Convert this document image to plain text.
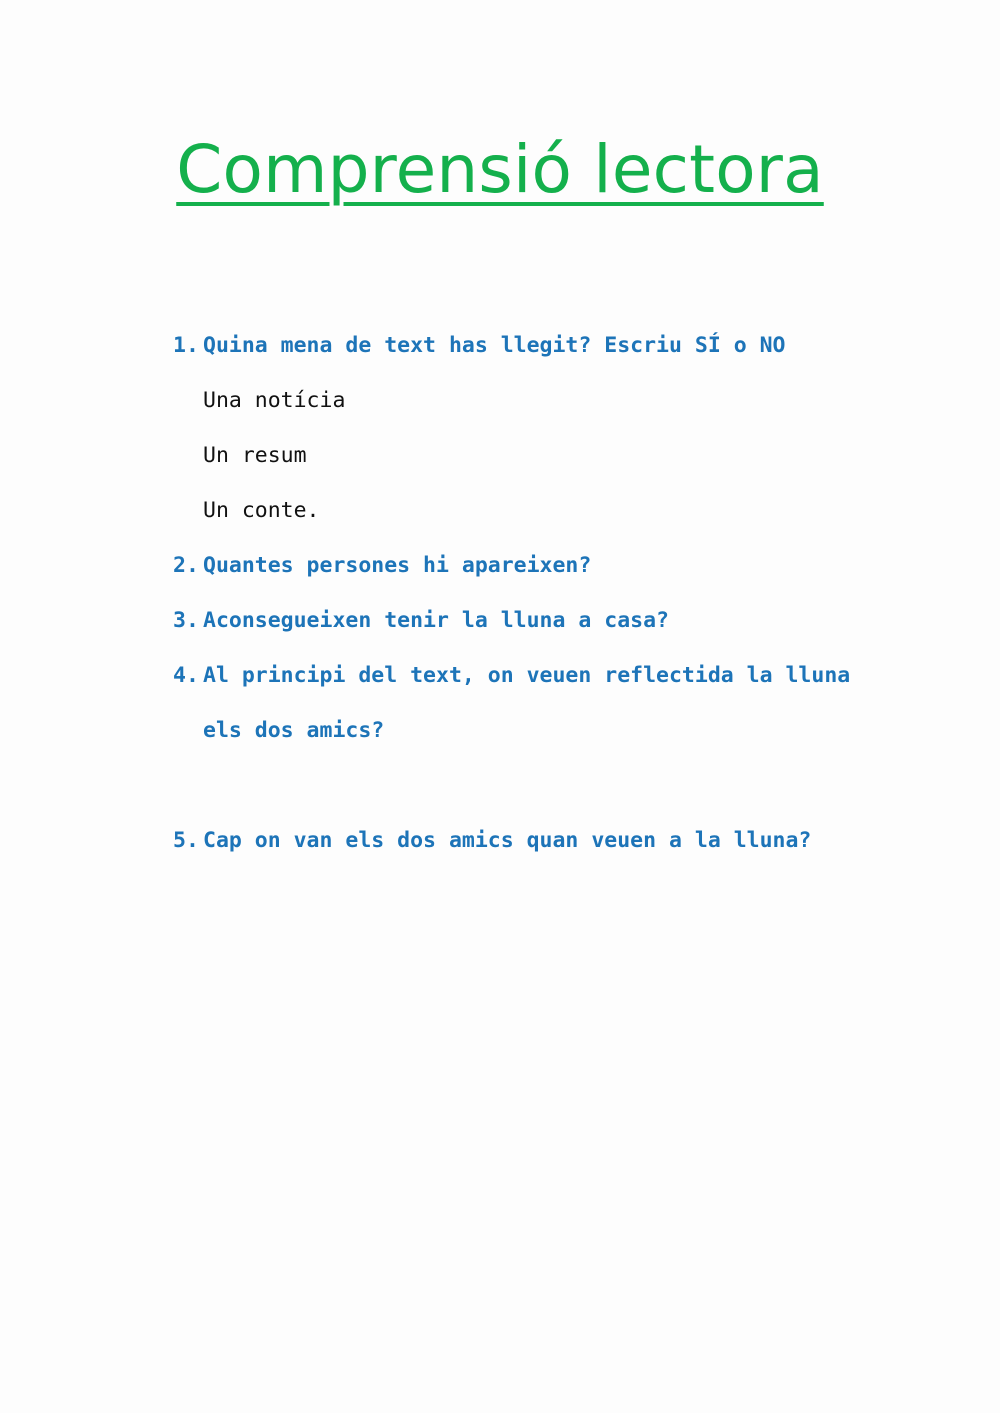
Comprensió lectora
1. Quina mena de text has llegit? Escriu SÍ o NO
Una notícia
Un resum
Un conte.
2. Quantes persones hi apareixen?
3. Aconsegueixen tenir la lluna a casa?
4. Al principi del text, on veuen reflectida la lluna
els dos amics?
5. Cap on van els dos amics quan veuen a la lluna?
